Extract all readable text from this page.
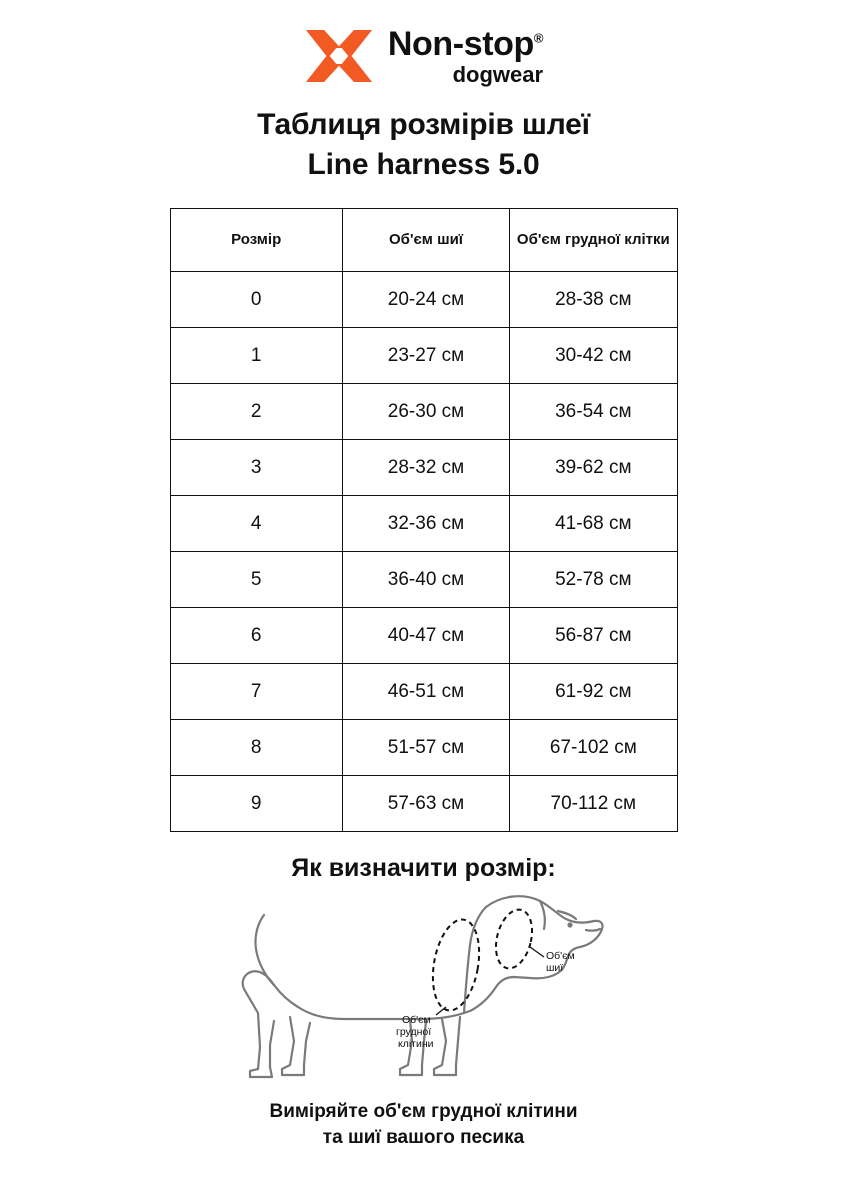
Non-stop®
dogwear
Таблиця розмірів шлеї
Line harness 5.0
Розмір	Об'єм шиї	Об'єм грудної клітки
0	20-24 см	28-38 см
1	23-27 см	30-42 см
2	26-30 см	36-54 см
3	28-32 см	39-62 см
4	32-36 см	41-68 см
5	36-40 см	52-78 см
6	40-47 см	56-87 см
7	46-51 см	61-92 см
8	51-57 см	67-102 см
9	57-63 см	70-112 см
Як визначити розмір:
Об'єм
шиї
Об'єм
грудної
клітини
Виміряйте об'єм грудної клітини
та шиї вашого песика
